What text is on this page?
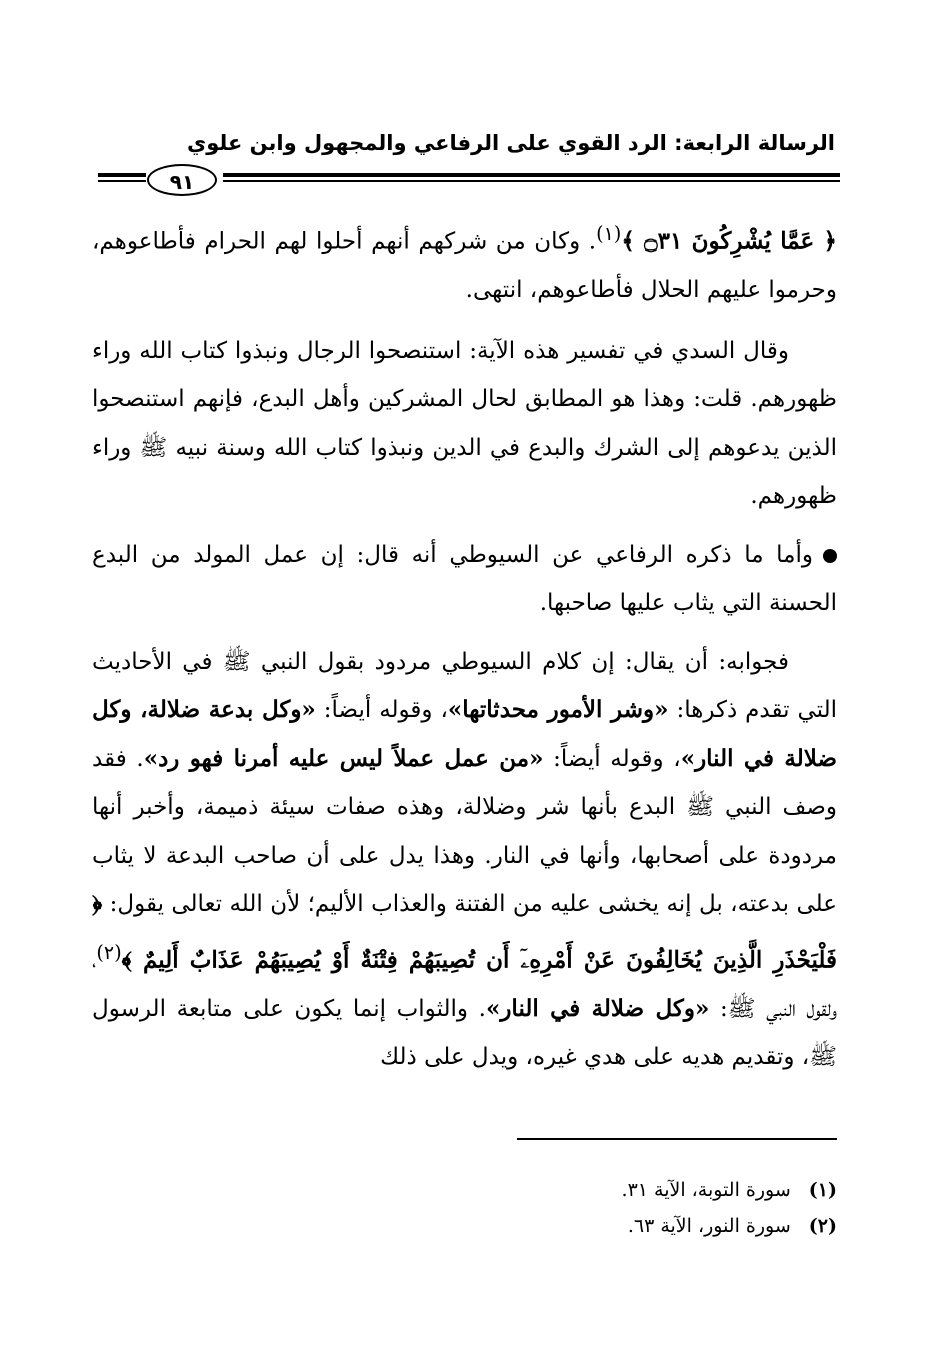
الرسالة الرابعة: الرد القوي على الرفاعي والمجهول وابن علوي
٩١

﴿ عَمَّا يُشْرِكُونَ ۝٣١ ﴾$^{(١)}$. وكان من شركهم أنهم أحلوا لهم الحرام فأطاعوهم، وحرموا عليهم الحلال فأطاعوهم، انتهى.

وقال السدي في تفسير هذه الآية: استنصحوا الرجال ونبذوا كتاب الله وراء ظهورهم. قلت: وهذا هو المطابق لحال المشركين وأهل البدع، فإنهم استنصحوا الذين يدعوهم إلى الشرك والبدع في الدين ونبذوا كتاب الله وسنة نبيه ﷺ وراء ظهورهم.

وأما ما ذكره الرفاعي عن السيوطي أنه قال: إن عمل المولد من البدع الحسنة التي يثاب عليها صاحبها.

فجوابه: أن يقال: إن كلام السيوطي مردود بقول النبي ﷺ في الأحاديث التي تقدم ذكرها: «وشر الأمور محدثاتها»، وقوله أيضاً: «وكل بدعة ضلالة، وكل ضلالة في النار»، وقوله أيضاً: «من عمل عملاً ليس عليه أمرنا فهو رد». فقد وصف النبي ﷺ البدع بأنها شر وضلالة، وهذه صفات سيئة ذميمة، وأخبر أنها مردودة على أصحابها، وأنها في النار. وهذا يدل على أن صاحب البدعة لا يثاب على بدعته، بل إنه يخشى عليه من الفتنة والعذاب الأليم؛ لأن الله تعالى يقول: ﴿ فَلْيَحْذَرِ الَّذِينَ يُخَالِفُونَ عَنْ أَمْرِهِۦٓ أَن تُصِيبَهُمْ فِتْنَةٌ أَوْ يُصِيبَهُمْ عَذَابٌ أَلِيمٌ ﴾$^{(٢)}$، ولقول النبي ﷺ: «وكل ضلالة في النار». والثواب إنما يكون على متابعة الرسول ﷺ، وتقديم هديه على هدي غيره، ويدل على ذلك

(١)سورة التوبة، الآية ٣١.
(٢)سورة النور، الآية ٦٣.
